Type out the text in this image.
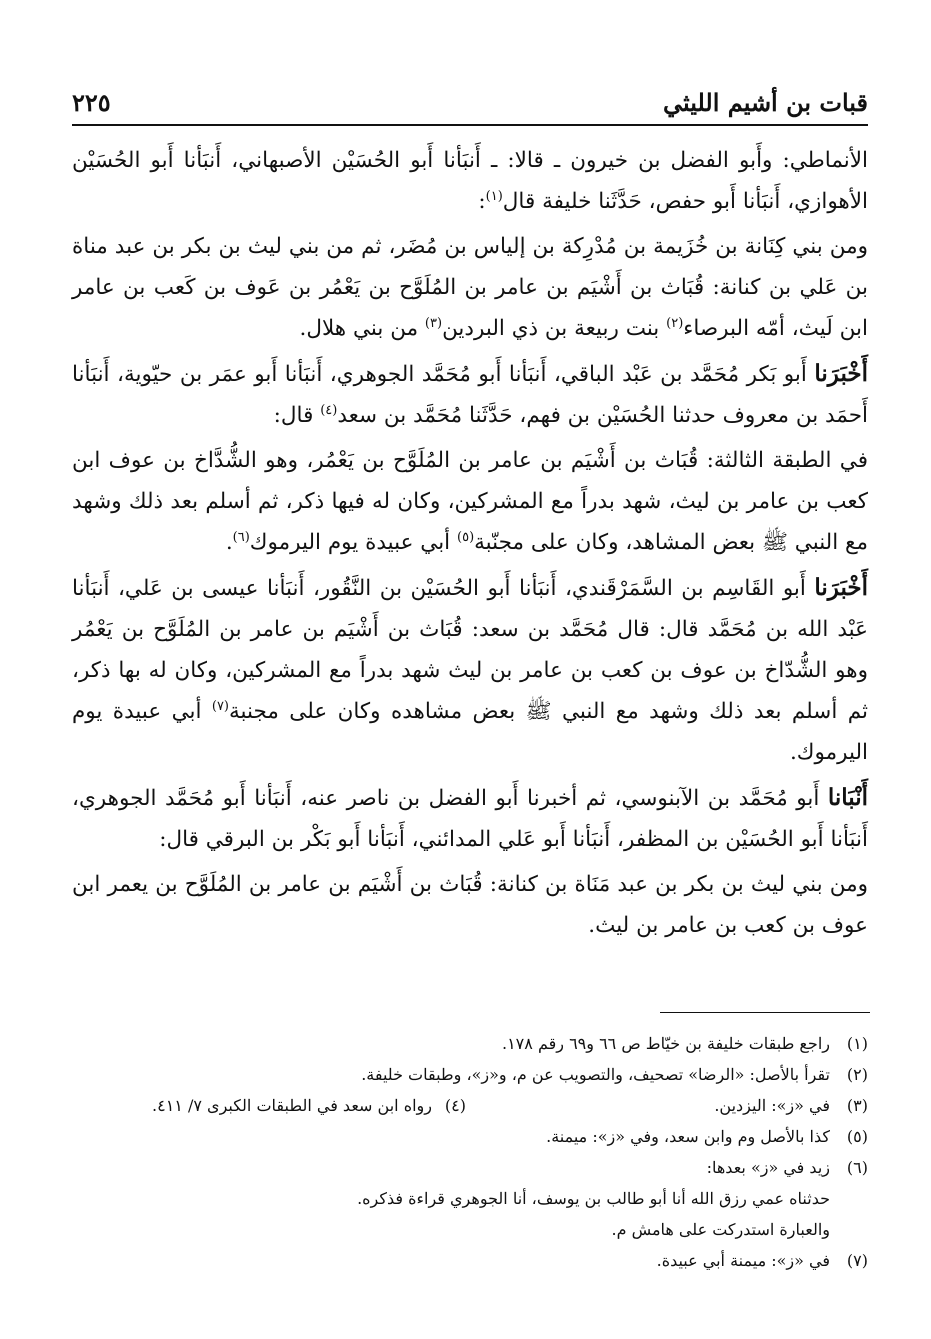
قبات بن أشيم الليثي
٢٢٥

الأنماطي: وأَبو الفضل بن خيرون ـ قالا: ـ أَنبَأنا أَبو الحُسَيْن الأصبهاني، أَنبَأنا أَبو الحُسَيْن الأهوازي، أَنبَأنا أَبو حفص، حَدَّثَنا خليفة قال$^{(١)}$:

ومن بني كِنَانة بن خُزَيمة بن مُدْرِكة بن إلياس بن مُضَر، ثم من بني ليث بن بكر بن عبد مناة بن عَلي بن كنانة: قُبَاث بن أَشْيَم بن عامر بن المُلَوَّح بن يَعْمُر بن عَوف بن كَعب بن عامر ابن لَيث، أمّه البرصاء$^{(٢)}$ بنت ربيعة بن ذي البردين$^{(٣)}$ من بني هلال.

أَخْبَرَنا أَبو بَكر مُحَمَّد بن عَبْد الباقي، أَنبَأنا أَبو مُحَمَّد الجوهري، أَنبَأنا أَبو عمَر بن حيّوية، أَنبَأنا أَحمَد بن معروف حدثنا الحُسَيْن بن فهم، حَدَّثَنا مُحَمَّد بن سعد$^{(٤)}$ قال:

في الطبقة الثالثة: قُبَاث بن أَشْيَم بن عامر بن المُلَوَّح بن يَعْمُر، وهو الشُّدَّاخ بن عوف ابن كعب بن عامر بن ليث، شهد بدراً مع المشركين، وكان له فيها ذكر، ثم أسلم بعد ذلك وشهد مع النبي ﷺ بعض المشاهد، وكان على مجنّبة$^{(٥)}$ أبي عبيدة يوم اليرموك$^{(٦)}$.

أَخْبَرَنا أَبو القَاسِم بن السَّمَرْقَندي، أَنبَأنا أَبو الحُسَيْن بن النَّقُور، أَنبَأنا عيسى بن عَلي، أَنبَأنا عَبْد الله بن مُحَمَّد قال: قال مُحَمَّد بن سعد: قُبَاث بن أَشْيَم بن عامر بن المُلَوَّح بن يَعْمُر وهو الشُّدّاخ بن عوف بن كعب بن عامر بن ليث شهد بدراً مع المشركين، وكان له بها ذكر، ثم أسلم بعد ذلك وشهد مع النبي ﷺ بعض مشاهده وكان على مجنبة$^{(٧)}$ أبي عبيدة يوم اليرموك.

أَنْبَانا أَبو مُحَمَّد بن الآبنوسي، ثم أخبرنا أَبو الفضل بن ناصر عنه، أَنبَأنا أَبو مُحَمَّد الجوهري، أَنبَأنا أَبو الحُسَيْن بن المظفر، أَنبَأنا أَبو عَلي المدائني، أَنبَأنا أَبو بَكْر بن البرقي قال:

ومن بني ليث بن بكر بن عبد مَنَاة بن كنانة: قُبَاث بن أَشْيَم بن عامر بن المُلَوَّح بن يعمر ابن عوف بن كعب بن عامر بن ليث.

(١)راجع طبقات خليفة بن خيّاط ص ٦٦ و٦٩ رقم ١٧٨.
(٢)تقرأ بالأصل: «الرضا» تصحيف، والتصويب عن م، و«ز»، وطبقات خليفة.
(٣)في «ز»: اليزدين.
(٤)رواه ابن سعد في الطبقات الكبرى ٧/ ٤١١.
(٥)كذا بالأصل وم وابن سعد، وفي «ز»: ميمنة.
(٦)زيد في «ز» بعدها:
حدثناه عمي رزق الله أنا أبو طالب بن يوسف، أنا الجوهري قراءة فذكره.
والعبارة استدركت على هامش م.
(٧)في «ز»: ميمنة أبي عبيدة.
